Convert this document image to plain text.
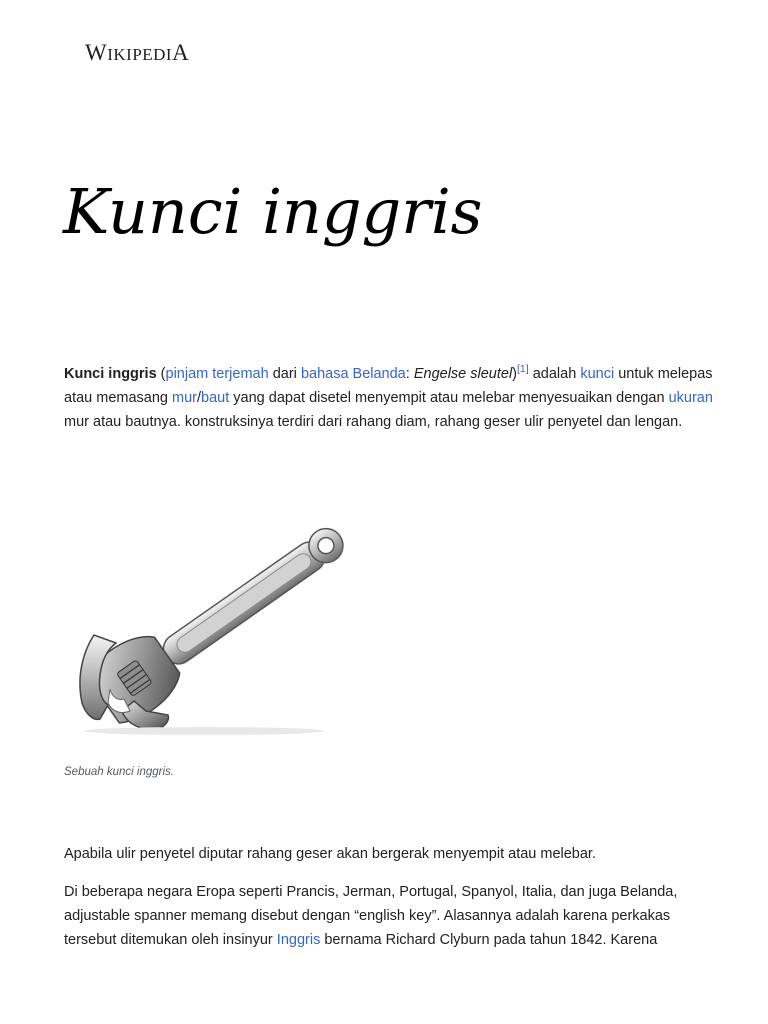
WIKIPEDIA
Kunci inggris

Kunci inggris (pinjam terjemah dari bahasa Belanda: Engelse sleutel)[1] adalah kunci untuk melepas atau memasang mur/baut yang dapat disetel menyempit atau melebar menyesuaikan dengan ukuran mur atau bautnya. konstruksinya terdiri dari rahang diam, rahang geser ulir penyetel dan lengan.

Sebuah kunci inggris.

Apabila ulir penyetel diputar rahang geser akan bergerak menyempit atau melebar.

Di beberapa negara Eropa seperti Prancis, Jerman, Portugal, Spanyol, Italia, dan juga Belanda, adjustable spanner memang disebut dengan “english key”. Alasannya adalah karena perkakas tersebut ditemukan oleh insinyur Inggris bernama Richard Clyburn pada tahun 1842. Karena
